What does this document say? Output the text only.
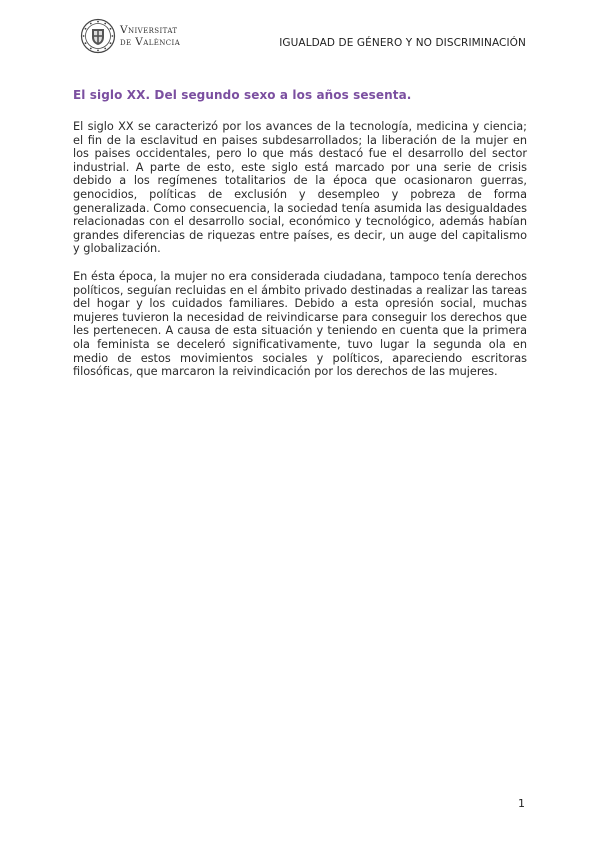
Vniversitat
de València	IGUALDAD DE GÉNERO Y NO DISCRIMINACIÓN
El siglo XX. Del segundo sexo a los años sesenta.

El siglo XX se caracterizó por los avances de la tecnología, medicina y ciencia; el fin de la esclavitud en paises subdesarrollados; la liberación de la mujer en los paises occidentales, pero lo que más destacó fue el desarrollo del sector industrial. A parte de esto, este siglo está marcado por una serie de crisis debido a los regímenes totalitarios de la época que ocasionaron guerras, genocidios, políticas de exclusión y desempleo y pobreza de forma generalizada. Como consecuencia, la sociedad tenía asumida las desigualdades relacionadas con el desarrollo social, económico y tecnológico, además habían grandes diferencias de riquezas entre países, es decir, un auge del capitalismo y globalización.

En ésta época, la mujer no era considerada ciudadana, tampoco tenía derechos políticos, seguían recluidas en el ámbito privado destinadas a realizar las tareas del hogar y los cuidados familiares. Debido a esta opresión social, muchas mujeres tuvieron la necesidad de reivindicarse para conseguir los derechos que les pertenecen. A causa de esta situación y teniendo en cuenta que la primera ola feminista se deceleró significativamente, tuvo lugar la segunda ola en medio de estos movimientos sociales y políticos, apareciendo escritoras filosóficas, que marcaron la reivindicación por los derechos de las mujeres.

1
